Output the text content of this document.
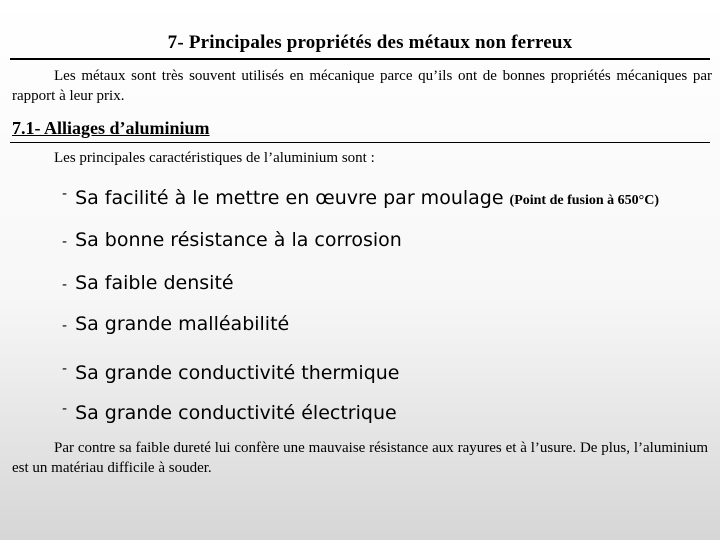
7- Principales propriétés des métaux non ferreux

Les métaux sont très souvent utilisés en mécanique parce qu’ils ont de bonnes propriétés mécaniques par rapport à leur prix.

7.1- Alliages d’aluminium
Les principales caractéristiques de l’aluminium sont :
- Sa facilité à le mettre en œuvre par moulage (Point de fusion à 650°C)
- Sa bonne résistance à la corrosion
- Sa faible densité
- Sa grande malléabilité
- Sa grande conductivité thermique
- Sa grande conductivité électrique

Par contre sa faible dureté lui confère une mauvaise résistance aux rayures et à l’usure. De plus, l’aluminium est un matériau difficile à souder.
